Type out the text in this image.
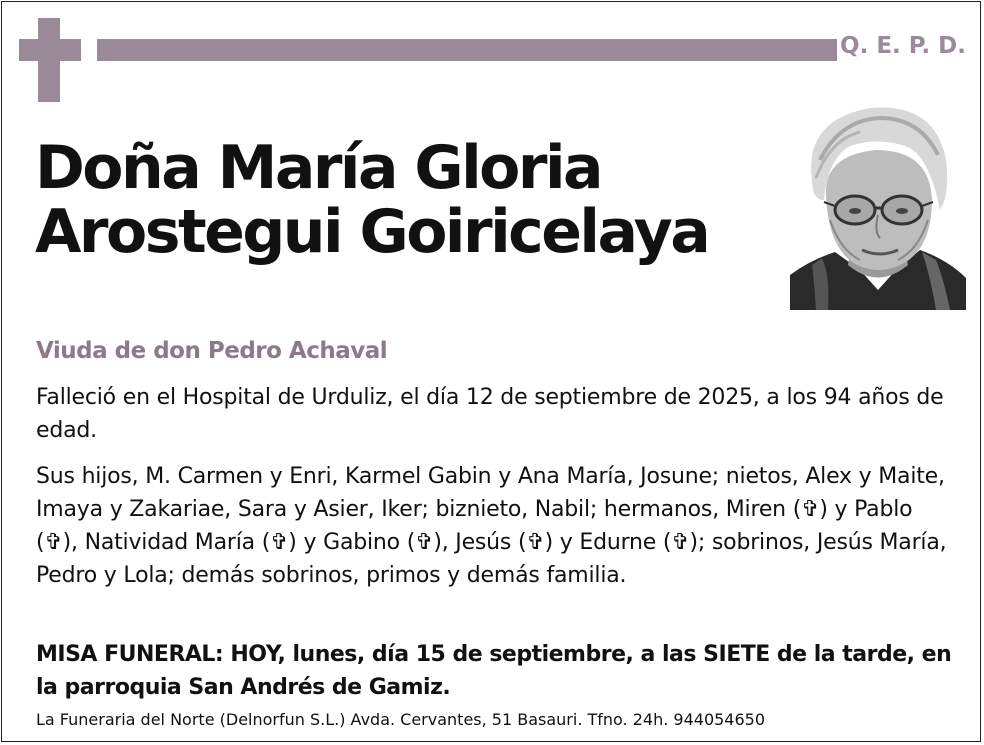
Q. E. P. D.
Doña María Gloria
Arostegui Goiricelaya
Viuda de don Pedro Achaval
Falleció en el Hospital de Urduliz, el día 12 de septiembre de 2025, a los 94 años de edad.
Sus hijos, M. Carmen y Enri, Karmel Gabin y Ana María, Josune; nietos, Alex y Maite, Imaya y Zakariae, Sara y Asier, Iker; biznieto, Nabil; hermanos, Miren (✞) y Pablo (✞), Natividad María (✞) y Gabino (✞), Jesús (✞) y Edurne (✞); sobrinos, Jesús María, Pedro y Lola; demás sobrinos, primos y demás familia.
MISA FUNERAL: HOY, lunes, día 15 de septiembre, a las SIETE de la tarde, en la parroquia San Andrés de Gamiz.
La Funeraria del Norte (Delnorfun S.L.) Avda. Cervantes, 51 Basauri. Tfno. 24h. 944054650
